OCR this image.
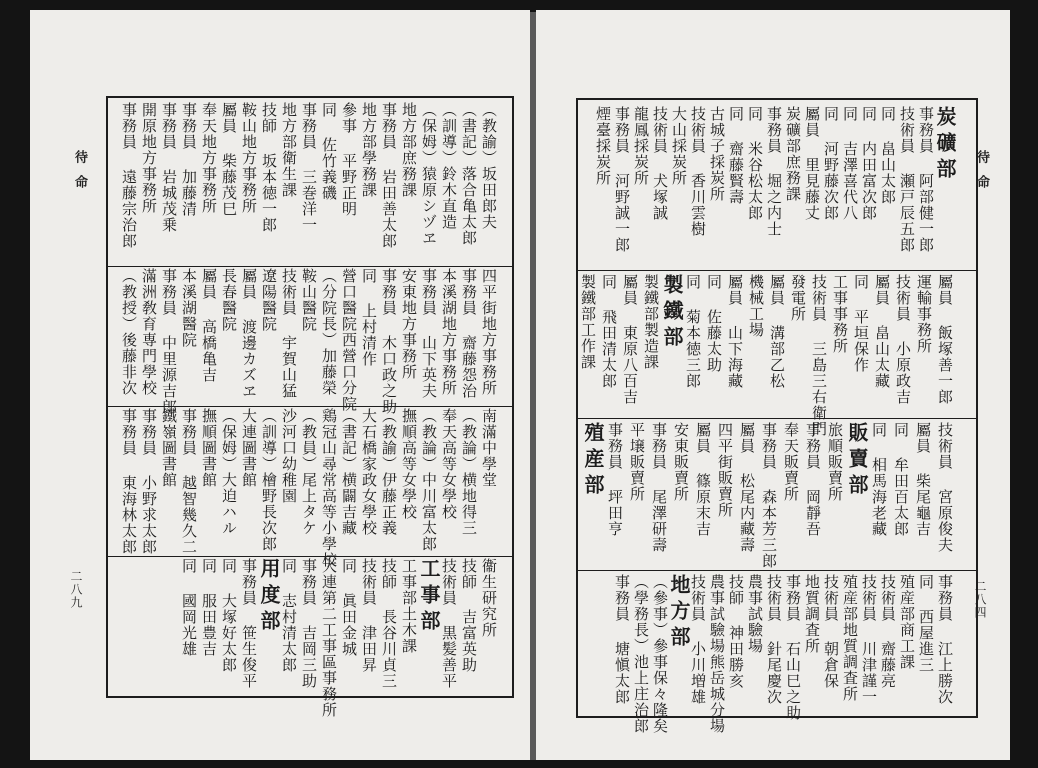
待命
二八九
（教諭）坂田郎夫
（書記）落合亀太郎
（訓導）鈴木直造
（保姆）猿原シヅヱ
地方部庶務課
事務員 岩田善太郎
地方部學務課
參事 平野正明
同 佐竹義磯
事務員 三巻洋一
地方部衛生課
技師 坂本徳一郎
鞍山地方事務所
屬員 柴藤茂巳
奉天地方事務所
事務員 加藤清
事務員 岩城茂乗
開原地方事務所
事務員 遠藤宗治郎
四平街地方事務所
事務員 齋藤怨治
本溪湖地方事務所
事務員 山下英夫
安東地方事務所
事務員 木口政之助
同 上村清作
營口醫院西營口分院
（分院長）加藤榮
鞍山醫院
技術員 宇賀山猛
遼陽醫院
屬員 渡邊カズヱ
長春醫院
屬員 高橋亀吉
本溪湖醫院
事務員 中里源吉郎
滿洲敎育専門學校
（教授）後藤非次
南滿中學堂
（教論）横地得三
奉天高等女學校
（教論）中川富太郎
撫順高等女學校
（教諭）伊藤正義
大石橋家政女學校
（書記）横闢吉藏
鶏冠山尋常高等小學校
（教員）尾上タケ
沙河口幼稚園
（訓導）檜野長次郎
大連圖書館
（保姆）大迫ハル
撫順圖書館
事務員 越智幾久二
鐵嶺圖書館
事務員 小野求太郎
事務員 東海林太郎
衞生研究所
技師 吉富英助
技術員 黒髪善平
工事部
工事部土木課
技師 長谷川貞三
技術員 津田昇
同 眞田金城
大連第二工事區事務所
事務員 吉岡三助
同 志村清太郎
用度部
事務員 笹生俊平
同 大塚好太郎
同 服田豊吉
同 國岡光雄
待命
二八四
炭礦部
事務員 阿部健一郎
技術員 瀬戸辰五郎
同 畠山太郎
同 内田富次郎
同 吉澤喜代八
同 河野藤次郎
屬員 里見藤丈
炭礦部庶務課
事務員 堀之内士
同 米谷松太郎
同 齋藤賢壽
古城子採炭所
技術員 香川雲樹
大山採炭所
技術員 犬塚誠
龍鳳採炭所
事務員 河野誠一郎
煙臺採炭所
屬員 飯塚善一郎
運輸事務所
技術員 小原政吉
屬員 畠山太藏
同 平垣保作
工事事務所
技術員 三島三右衛門
發電所
屬員 溝部乙松
機械工場
屬員 山下海藏
同 佐藤太助
同 菊本徳三郎
製鐵部
製鐵部製造課
屬員 東原八百吉
同 飛田清太郎
製鐵部工作課
技術員 宮原俊夫
屬員 柴尾龜吉
同 牟田百太郎
同 相馬海老藏
販賣部
旅順販賣所
事務員 岡靜吾
奉天販賣所
事務員 森本芳三郎
屬員 松尾内藏壽
四平街販賣所
屬員 篠原末吉
安東販賣所
事務員 尾澤研壽
平壌販賣所
事務員 坪田亨
殖産部
事務員 江上勝次
同 西屋進三
殖産部商工課
技術員 齋藤亮
技術員 川津謹一
殖産部地質調査所
技術員 朝倉保
地質調査所
事務員 石山巳之助
技術員 針尾慶次
農事試驗場
技師 神田勝亥
農事試驗場熊岳城分場
技術員 小川増雄
地方部
（參事）參事保々隆矣
（學務長）池上庄治郎
事務員 塘愼太郎
